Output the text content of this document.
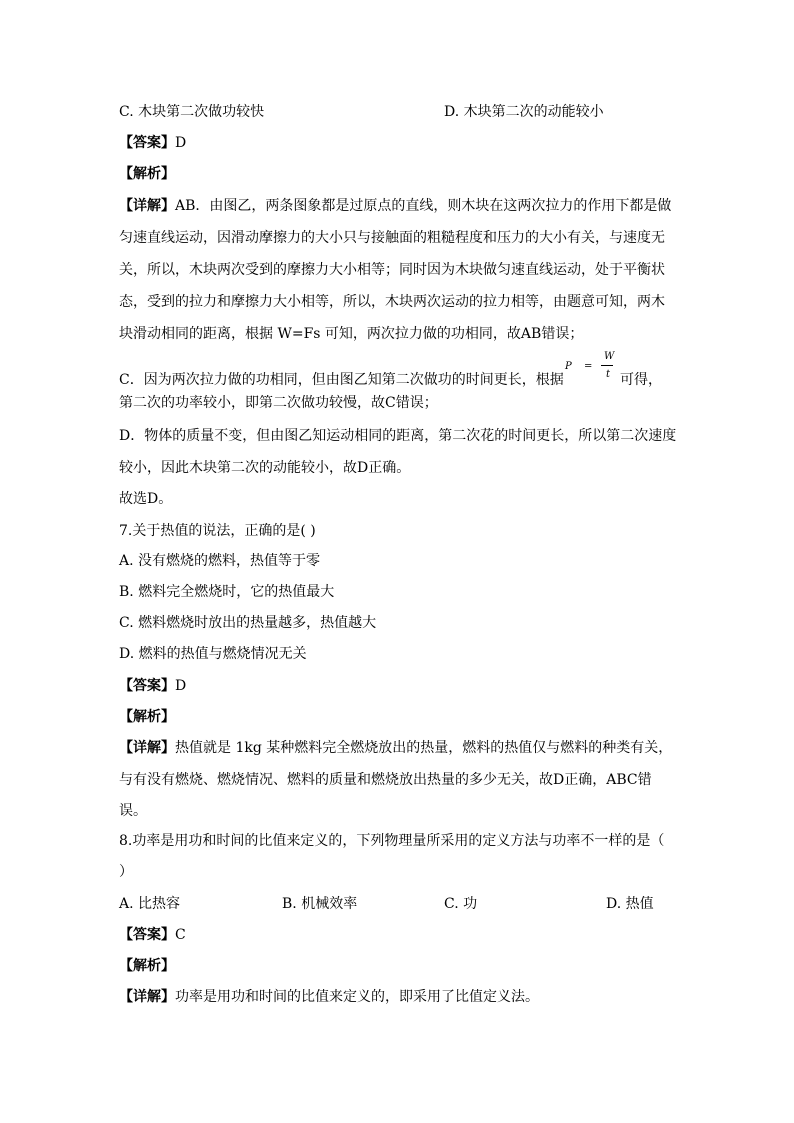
C. 木块第二次做功较快	D. 木块第二次的动能较小
【答案】D
【解析】
【详解】AB．由图乙，两条图象都是过原点的直线，则木块在这两次拉力的作用下都是做
匀速直线运动，因滑动摩擦力的大小只与接触面的粗糙程度和压力的大小有关，与速度无
关，所以，木块两次受到的摩擦力大小相等；同时因为木块做匀速直线运动，处于平衡状
态，受到的拉力和摩擦力大小相等，所以，木块两次运动的拉力相等，由题意可知，两木
块滑动相同的距离，根据 W=Fs 可知，两次拉力做的功相同，故AB错误；
C．因为两次拉力做的功相同，但由图乙知第二次做功的时间更长，根据
P =
W
t 可得，
第二次的功率较小，即第二次做功较慢，故C错误；
D．物体的质量不变，但由图乙知运动相同的距离，第二次花的时间更长，所以第二次速度
较小，因此木块第二次的动能较小，故D正确。
故选D。
7.关于热值的说法，正确的是( )
A. 没有燃烧的燃料，热值等于零
B. 燃料完全燃烧时，它的热值最大
C. 燃料燃烧时放出的热量越多，热值越大
D. 燃料的热值与燃烧情况无关
【答案】D
【解析】
【详解】热值就是 1kg 某种燃料完全燃烧放出的热量，燃料的热值仅与燃料的种类有关，
与有没有燃烧、燃烧情况、燃料的质量和燃烧放出热量的多少无关，故D正确，ABC错
误。
8.功率是用功和时间的比值来定义的，下列物理量所采用的定义方法与功率不一样的是（
）
A. 比热容	B. 机械效率	C. 功	D. 热值
【答案】C
【解析】
【详解】功率是用功和时间的比值来定义的，即采用了比值定义法。
